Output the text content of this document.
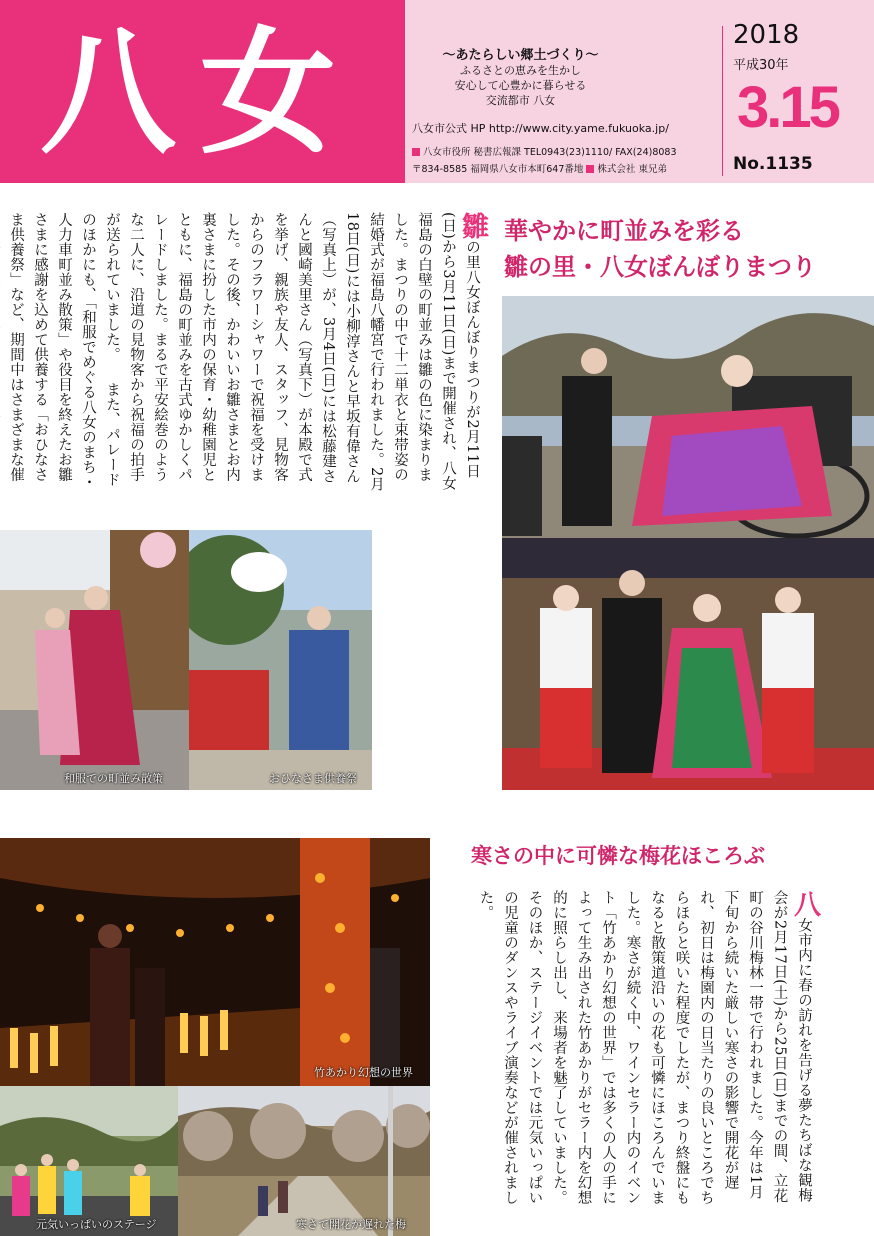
八女	〜あたらしい郷土づくり〜
ふるさとの恵みを生かし
安心して心豊かに暮らせる
交流都市 八女
八女市公式 HP http://www.city.yame.fukuoka.jp/
八女市役所 秘書広報課 TEL0943(23)1110/ FAX(24)8083
〒834-8585 福岡県八女市本町647番地 株式会社 東兄弟
2018
平成30年
3.15
No.1135
華やかに町並みを彩る
雛の里・八女ぼんぼりまつり
雛の里八女ぼんぼりまつりが2月11日(日)から3月11日(日)まで開催され、八女福島の白壁の町並みは雛の色に染まりました。まつりの中で十二単衣と束帯姿の結婚式が福島八幡宮で行われました。2月18日(日)には小柳淳さんと早坂有偉さん（写真上）が、3月4日(日)には松藤建さんと國崎美里さん（写真下）が本殿で式を挙げ、親族や友人、スタッフ、見物客からのフラワーシャワーで祝福を受けました。その後、かわいいお雛さまとお内裏さまに扮した市内の保育・幼稚園児とともに、福島の町並みを古式ゆかしくパレードしました。まるで平安絵巻のような二人に、沿道の見物客から祝福の拍手が送られていました。 　また、パレードのほかにも、「和服でめぐる八女のまち・人力車町並み散策」や役目を終えたお雛さまに感謝を込めて供養する「おひなさま供養祭」など、期間中はさまざまな催
和服での町並み散策	おひなさま供養祭
寒さの中に可憐な梅花ほころぶ
八女市内に春の訪れを告げる夢たちばな観梅会が2月17日(土)から25日(日)までの間、立花町の谷川梅林一帯で行われました。今年は1月下旬から続いた厳しい寒さの影響で開花が遅れ、初日は梅園内の日当たりの良いところでちらほらと咲いた程度でしたが、まつり終盤にもなると散策道沿いの花も可憐にほころんでいました。寒さが続く中、ワインセラー内のイベント「竹あかり幻想の世界」では多くの人の手によって生み出された竹あかりがセラー内を幻想的に照らし出し、来場者を魅了していました。そのほか、ステージイベントでは元気いっぱいの児童のダンスやライブ演奏などが催されました。
竹あかり幻想の世界
元気いっぱいのステージ	寒さで開花が遅れた梅
